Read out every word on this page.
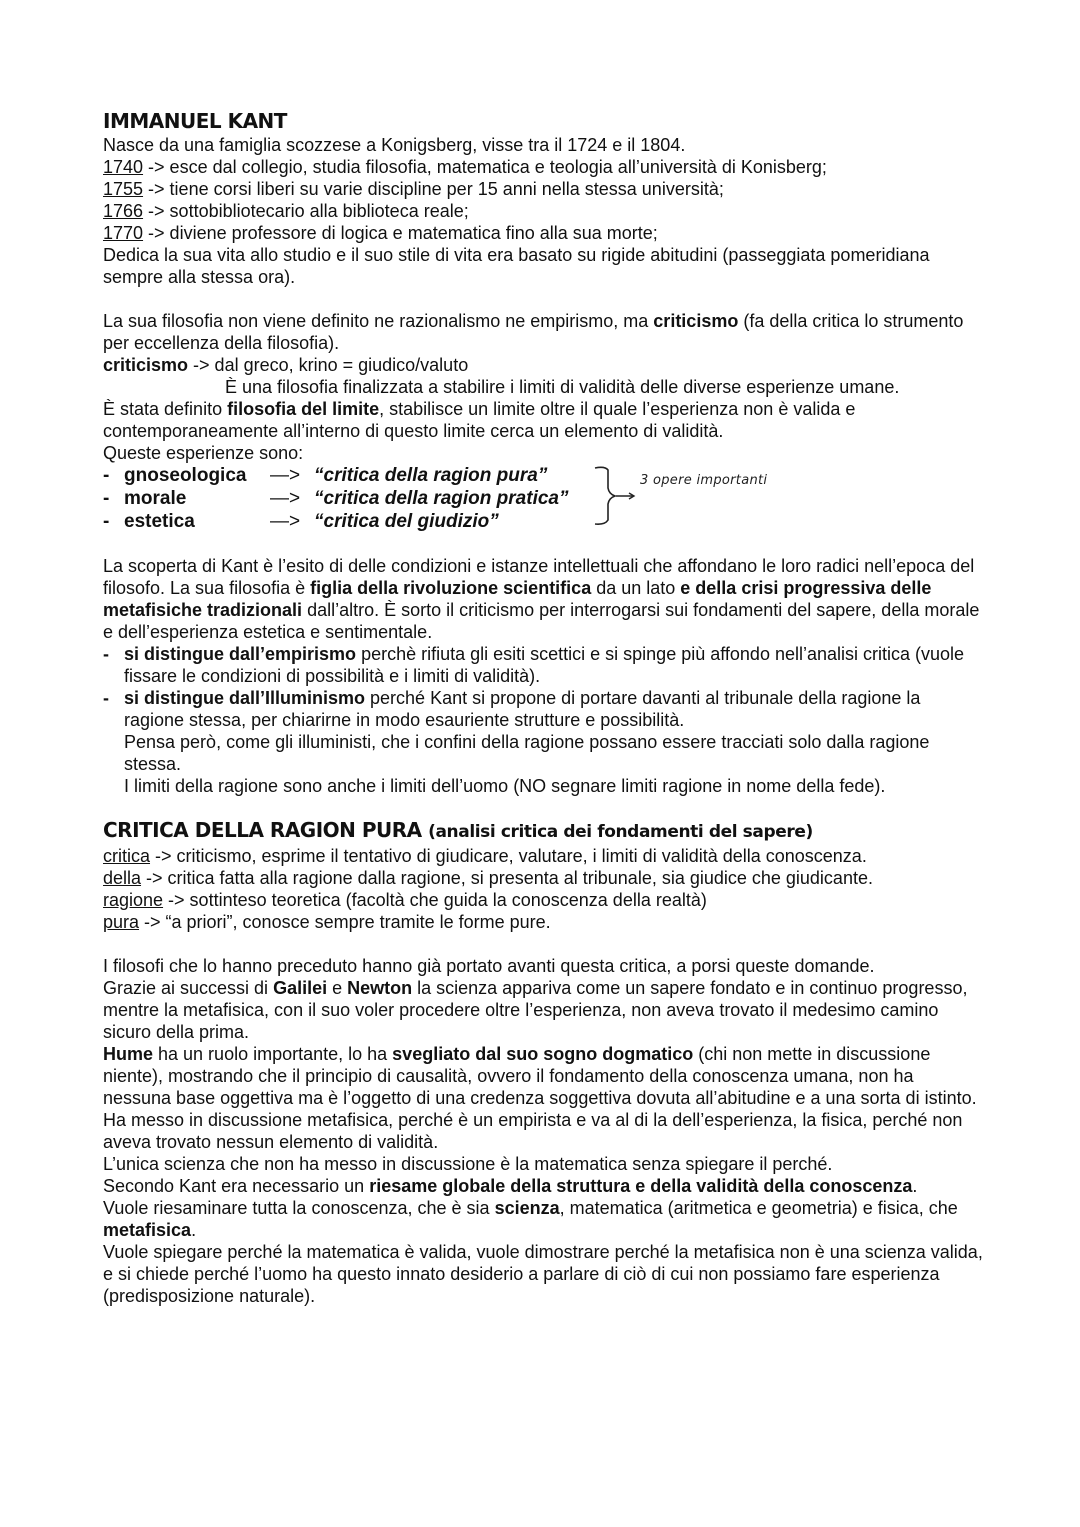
IMMANUEL KANT

Nasce da una famiglia scozzese a Konigsberg, visse tra il 1724 e il 1804.

1740 -> esce dal collegio, studia filosofia, matematica e teologia all’università di Konisberg;

1755 -> tiene corsi liberi su varie discipline per 15 anni nella stessa università;

1766 -> sottobibliotecario alla biblioteca reale;

1770 -> diviene professore di logica e matematica fino alla sua morte;

Dedica la sua vita allo studio e il suo stile di vita era basato su rigide abitudini (passeggiata pomeridiana sempre alla stessa ora).

La sua filosofia non viene definito ne razionalismo ne empirismo, ma criticismo (fa della critica lo strumento per eccellenza della filosofia).

criticismo -> dal greco, krino = giudico/valuto

È una filosofia finalizzata a stabilire i limiti di validità delle diverse esperienze umane.

È stata definito filosofia del limite, stabilisce un limite oltre il quale l’esperienza non è valida e contemporaneamente all’interno di questo limite cerca un elemento di validità.

Queste esperienze sono:

- gnoseologica	—> “critica della ragion pura”
- morale	—> “critica della ragion pratica”
- estetica	—> “critica del giudizio”
3 opere importanti

La scoperta di Kant è l’esito di delle condizioni e istanze intellettuali che affondano le loro radici nell’epoca del filosofo. La sua filosofia è figlia della rivoluzione scientifica da un lato e della crisi progressiva delle metafisiche tradizionali dall’altro. È sorto il criticismo per interrogarsi sui fondamenti del sapere, della morale e dell’esperienza estetica e sentimentale.

- si distingue dall’empirismo perchè rifiuta gli esiti scettici e si spinge più affondo nell’analisi critica (vuole fissare le condizioni di possibilità e i limiti di validità).
- si distingue dall’Illuminismo perché Kant si propone di portare davanti al tribunale della ragione la ragione stessa, per chiarirne in modo esauriente strutture e possibilità.

Pensa però, come gli illuministi, che i confini della ragione possano essere tracciati solo dalla ragione stessa.

I limiti della ragione sono anche i limiti dell’uomo (NO segnare limiti ragione in nome della fede).

CRITICA DELLA RAGION PURA (analisi critica dei fondamenti del sapere)

critica -> criticismo, esprime il tentativo di giudicare, valutare, i limiti di validità della conoscenza.

della -> critica fatta alla ragione dalla ragione, si presenta al tribunale, sia giudice che giudicante.

ragione -> sottinteso teoretica (facoltà che guida la conoscenza della realtà)

pura -> “a priori”, conosce sempre tramite le forme pure.

I filosofi che lo hanno preceduto hanno già portato avanti questa critica, a porsi queste domande.

Grazie ai successi di Galilei e Newton la scienza appariva come un sapere fondato e in continuo progresso, mentre la metafisica, con il suo voler procedere oltre l’esperienza, non aveva trovato il medesimo camino sicuro della prima.

Hume ha un ruolo importante, lo ha svegliato dal suo sogno dogmatico (chi non mette in discussione niente), mostrando che il principio di causalità, ovvero il fondamento della conoscenza umana, non ha nessuna base oggettiva ma è l’oggetto di una credenza soggettiva dovuta all’abitudine e a una sorta di istinto. Ha messo in discussione metafisica, perché è un empirista e va al di la dell’esperienza, la fisica, perché non aveva trovato nessun elemento di validità.

L’unica scienza che non ha messo in discussione è la matematica senza spiegare il perché.

Secondo Kant era necessario un riesame globale della struttura e della validità della conoscenza.

Vuole riesaminare tutta la conoscenza, che è sia scienza, matematica (aritmetica e geometria) e fisica, che metafisica.

Vuole spiegare perché la matematica è valida, vuole dimostrare perché la metafisica non è una scienza valida, e si chiede perché l’uomo ha questo innato desiderio a parlare di ciò di cui non possiamo fare esperienza (predisposizione naturale).
